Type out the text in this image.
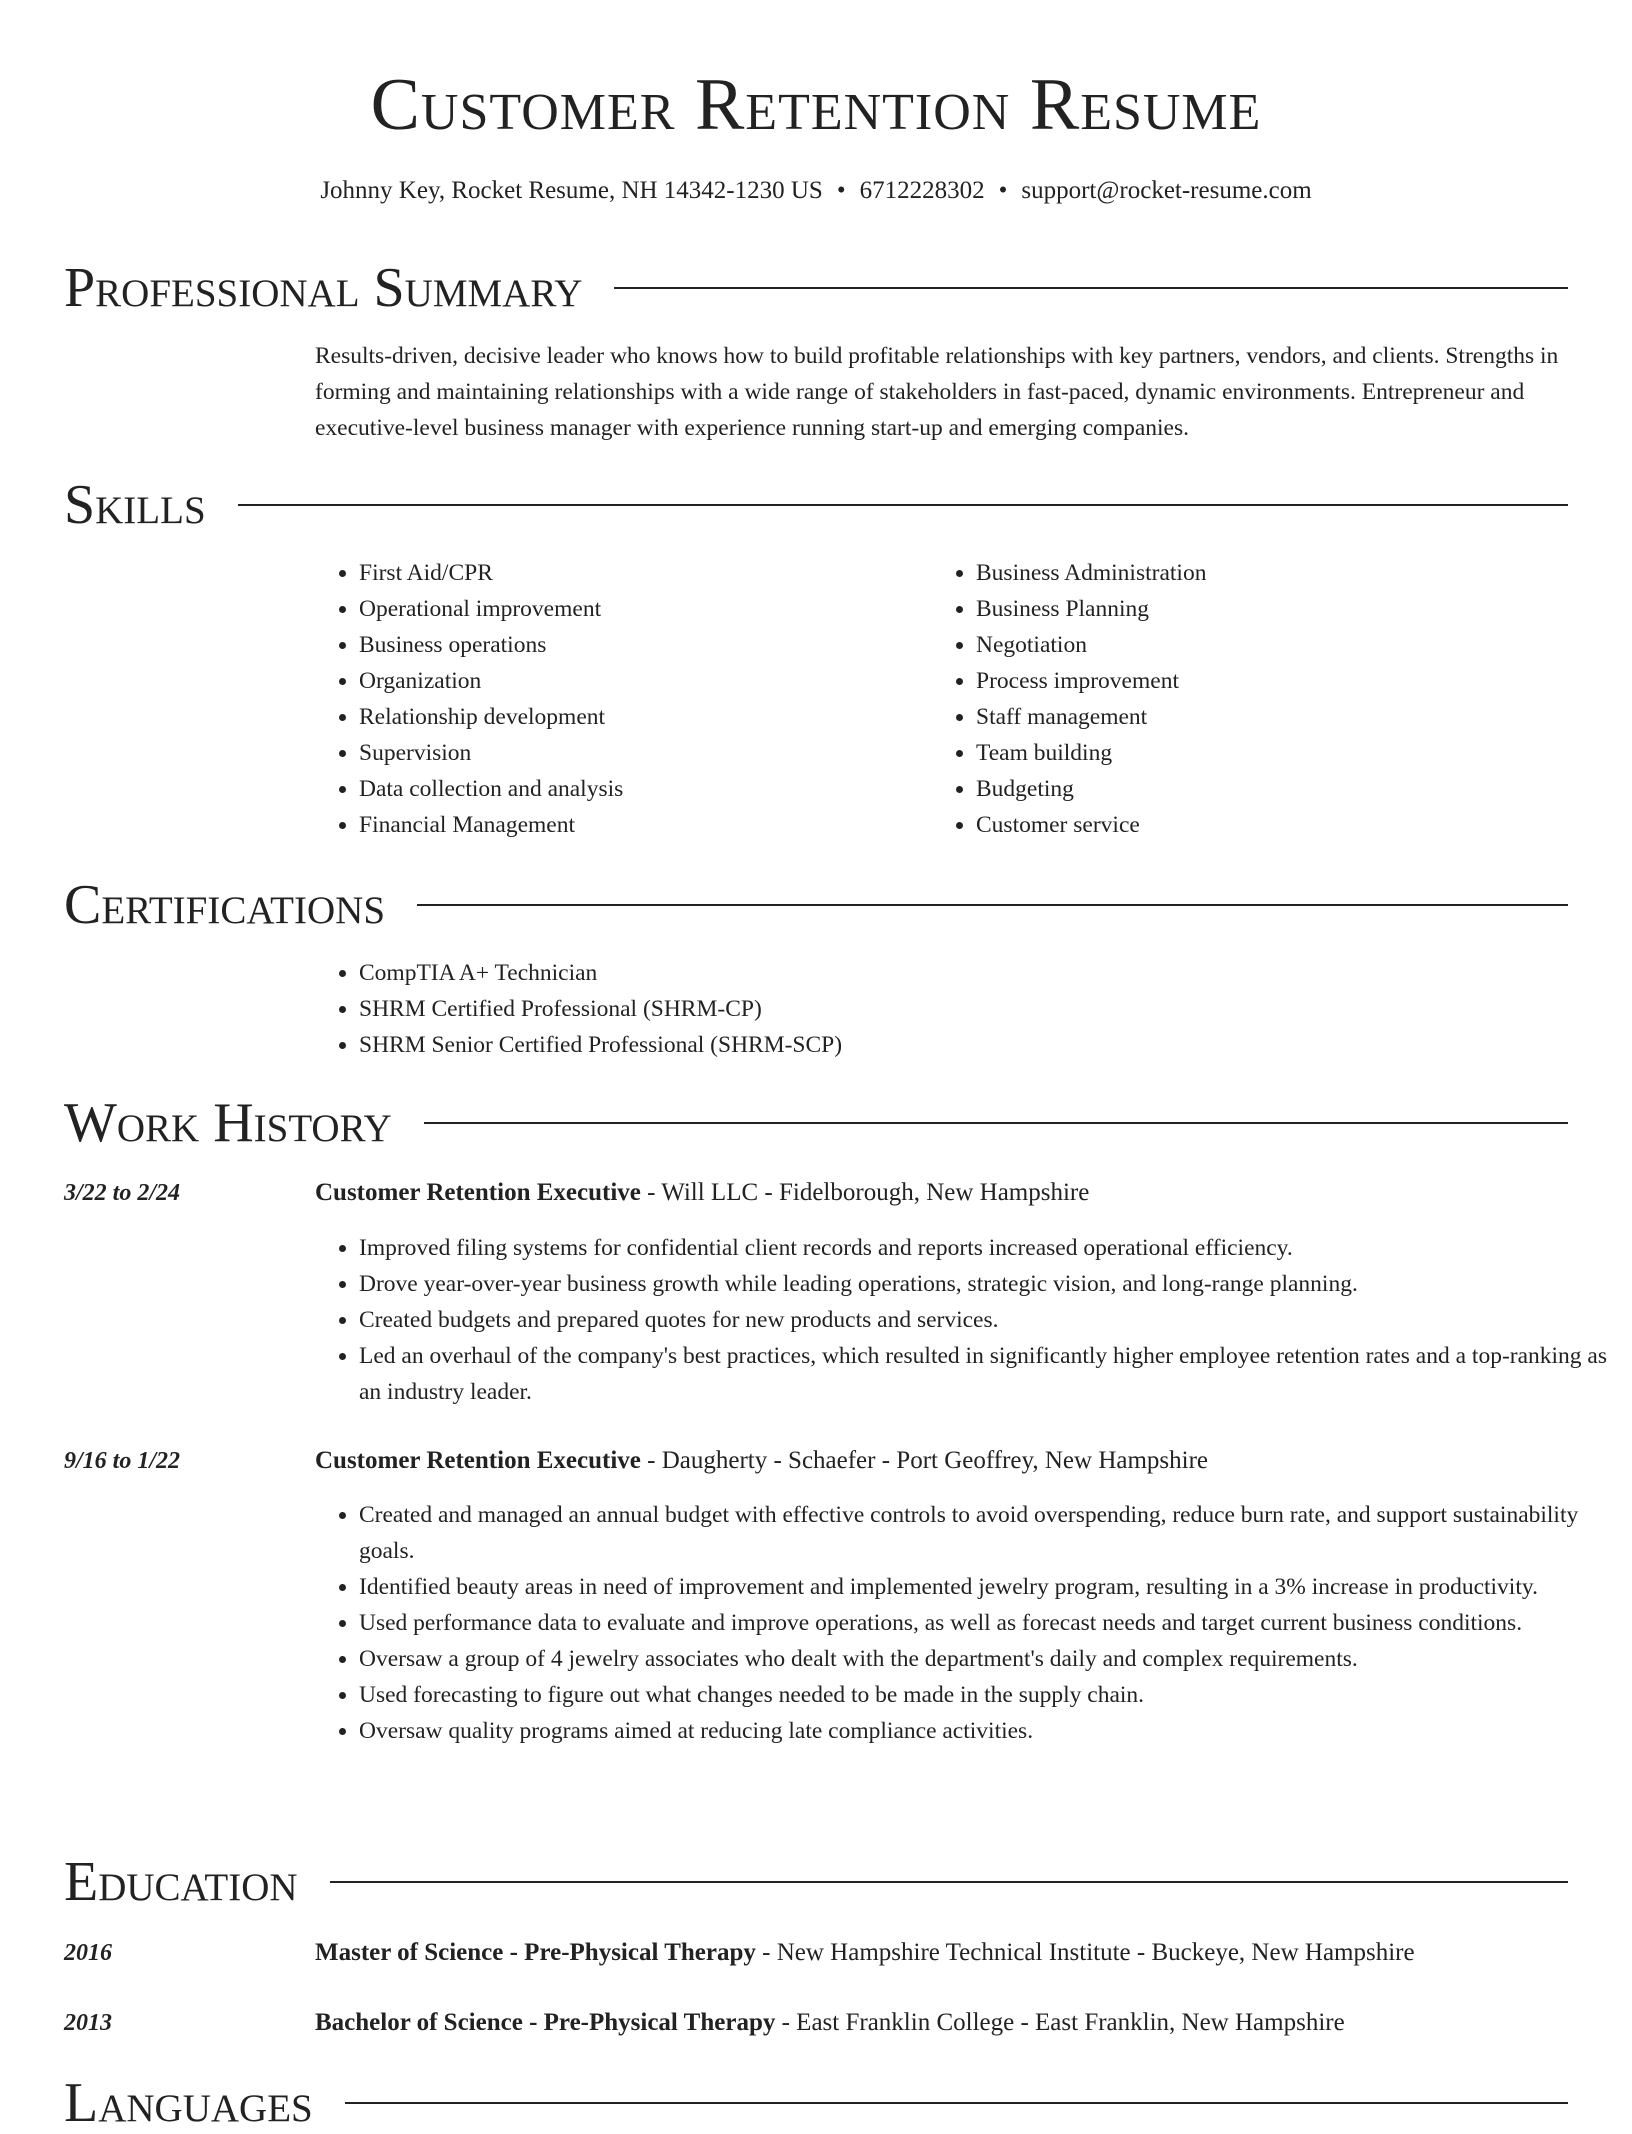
Customer Retention Resume
Johnny Key, Rocket Resume, NH 14342-1230 US • 6712228302 • support@rocket-resume.com
Professional Summary

Results-driven, decisive leader who knows how to build profitable relationships with key partners, vendors, and clients. Strengths in forming and maintaining relationships with a wide range of stakeholders in fast-paced, dynamic environments. Entrepreneur and executive-level business manager with experience running start-up and emerging companies.

Skills
• First Aid/CPR
• Operational improvement
• Business operations
• Organization
• Relationship development
• Supervision
• Data collection and analysis
• Financial Management
• Business Administration
• Business Planning
• Negotiation
• Process improvement
• Staff management
• Team building
• Budgeting
• Customer service
Certifications
• CompTIA A+ Technician
• SHRM Certified Professional (SHRM-CP)
• SHRM Senior Certified Professional (SHRM-SCP)
Work History
3/22 to 2/24	Customer Retention Executive - Will LLC - Fidelborough, New Hampshire
• Improved filing systems for confidential client records and reports increased operational efficiency.
• Drove year-over-year business growth while leading operations, strategic vision, and long-range planning.
• Created budgets and prepared quotes for new products and services.
• Led an overhaul of the company's best practices, which resulted in significantly higher employee retention rates and a top-ranking as an industry leader.
9/16 to 1/22	Customer Retention Executive - Daugherty - Schaefer - Port Geoffrey, New Hampshire
• Created and managed an annual budget with effective controls to avoid overspending, reduce burn rate, and support sustainability goals.
• Identified beauty areas in need of improvement and implemented jewelry program, resulting in a 3% increase in productivity.
• Used performance data to evaluate and improve operations, as well as forecast needs and target current business conditions.
• Oversaw a group of 4 jewelry associates who dealt with the department's daily and complex requirements.
• Used forecasting to figure out what changes needed to be made in the supply chain.
• Oversaw quality programs aimed at reducing late compliance activities.
Education
2016	Master of Science - Pre-Physical Therapy - New Hampshire Technical Institute - Buckeye, New Hampshire
2013	Bachelor of Science - Pre-Physical Therapy - East Franklin College - East Franklin, New Hampshire
Languages
